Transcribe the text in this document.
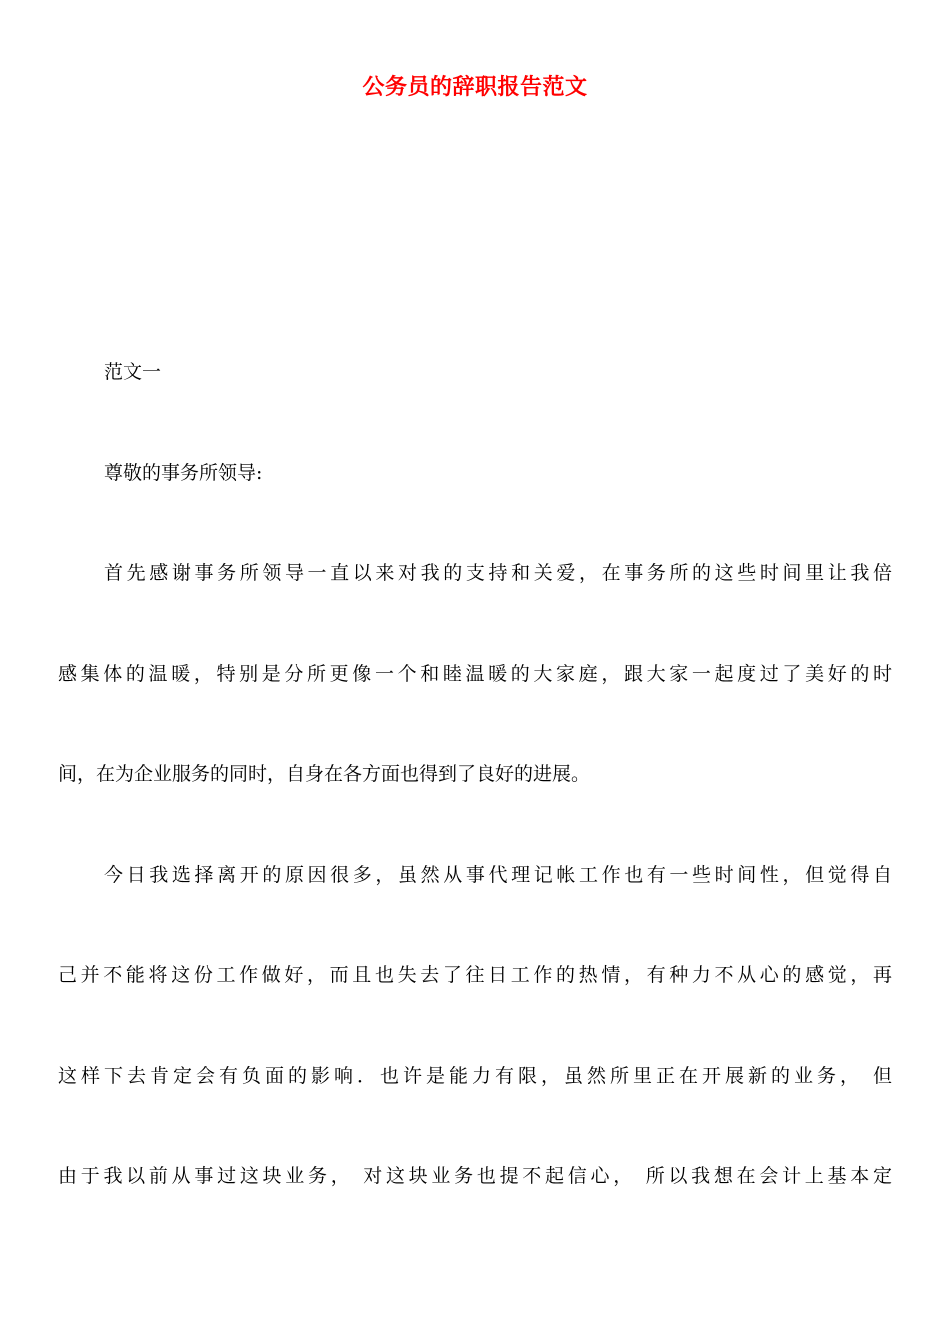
公务员的辞职报告范文
范文一
尊敬的事务所领导:
首先感谢事务所领导一直以来对我的支持和关爱，在事务所的这些时间里让我倍
感集体的温暖，特别是分所更像一个和睦温暖的大家庭，跟大家一起度过了美好的时
间，在为企业服务的同时，自身在各方面也得到了良好的进展。
今日我选择离开的原因很多，虽然从事代理记帐工作也有一些时间性，但觉得自
己并不能将这份工作做好，而且也失去了往日工作的热情，有种力不从心的感觉，再
这样下去肯定会有负面的影响．也许是能力有限，虽然所里正在开展新的业务， 但
由于我以前从事过这块业务， 对这块业务也提不起信心， 所以我想在会计上基本定
